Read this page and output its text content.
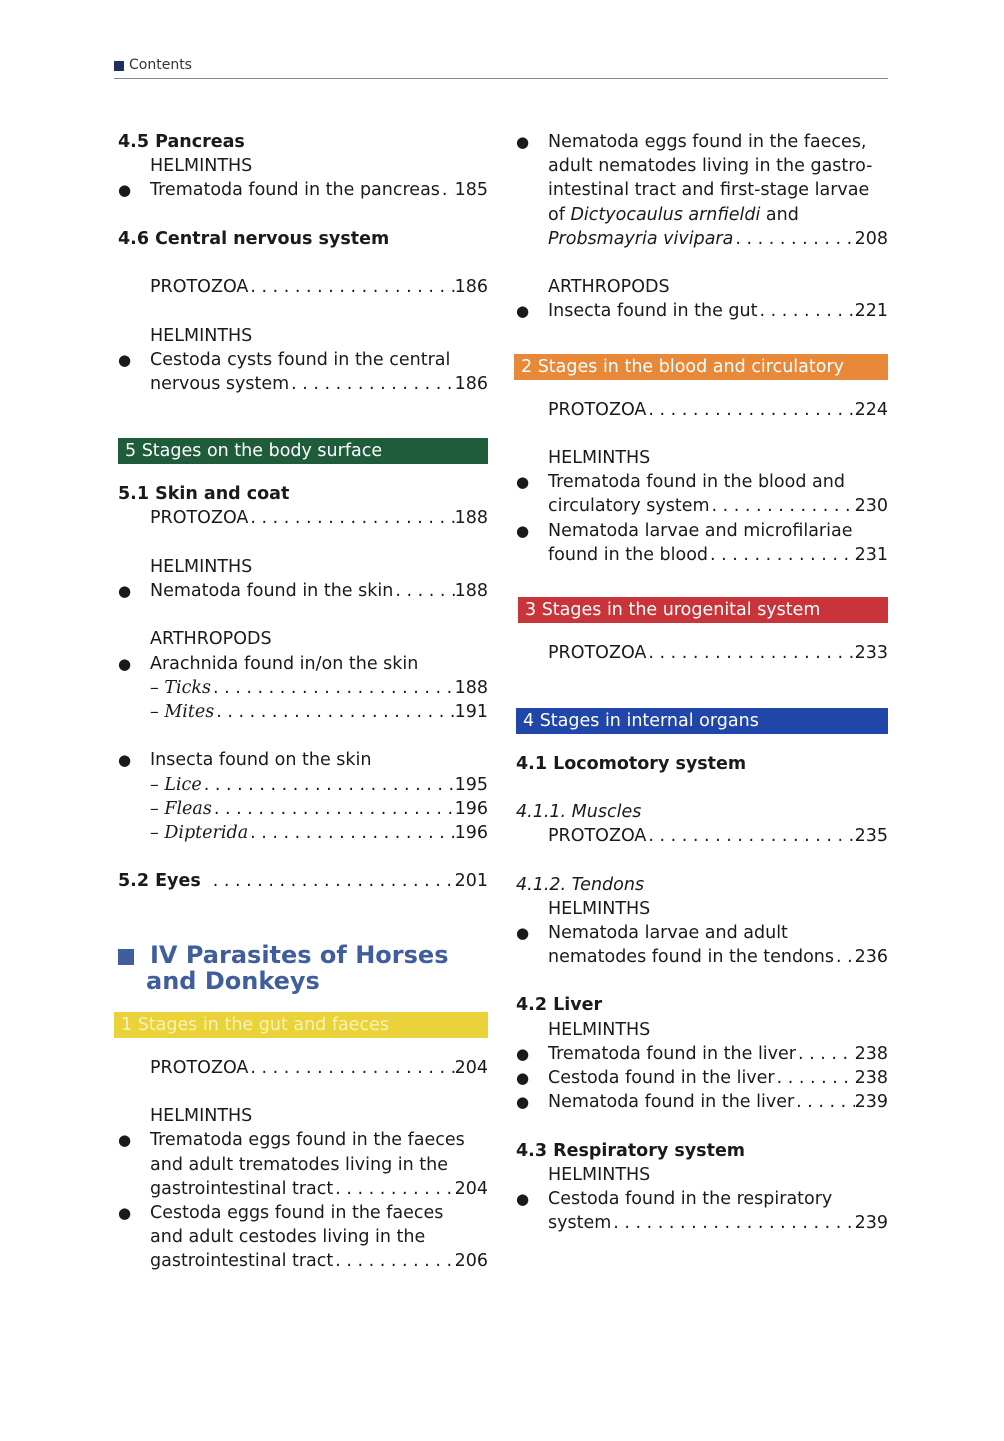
Contents
4.5 Pancreas
HELMINTHS
● Trematoda found in the pancreas . . . 185
4.6 Central nervous system
PROTOZOA . . .	186
HELMINTHS
● Cestoda cysts found in the central
nervous system . . .	186
5 Stages on the body surface
5.1 Skin and coat
PROTOZOA . . .	188
HELMINTHS
● Nematoda found in the skin . . .	188
ARTHROPODS
● Arachnida found in/on the skin
– Ticks . . .	188
– Mites . . .	191
● Insecta found on the skin
– Lice . . .	195
– Fleas . . .	196
– Dipterida . . .	196
5.2 Eyes . . .	201
IV Parasites of Horses
and Donkeys
1 Stages in the gut and faeces
PROTOZOA . . .	204
HELMINTHS
● Trematoda eggs found in the faeces
and adult trematodes living in the
gastrointestinal tract . . .	204
● Cestoda eggs found in the faeces
and adult cestodes living in the
gastrointestinal tract . . .	206
● Nematoda eggs found in the faeces,
adult nematodes living in the gastro-
intestinal tract and first-stage larvae
of Dictyocaulus arnfieldi and
Probsmayria vivipara . . .	208
ARTHROPODS
● Insecta found in the gut . . .	221
2 Stages in the blood and circulatory system
PROTOZOA . . .	224
HELMINTHS
● Trematoda found in the blood and
circulatory system . . .	230
● Nematoda larvae and microfilariae
found in the blood . . .	231
3 Stages in the urogenital system
PROTOZOA . . .	233
4 Stages in internal organs
4.1 Locomotory system
4.1.1. Muscles
PROTOZOA . . .	235
4.1.2. Tendons
HELMINTHS
● Nematoda larvae and adult
nematodes found in the tendons . . . 236
4.2 Liver
HELMINTHS
● Trematoda found in the liver . . .	238
● Cestoda found in the liver . . .	238
● Nematoda found in the liver . . .	239
4.3 Respiratory system
HELMINTHS
● Cestoda found in the respiratory
system . . .	239
